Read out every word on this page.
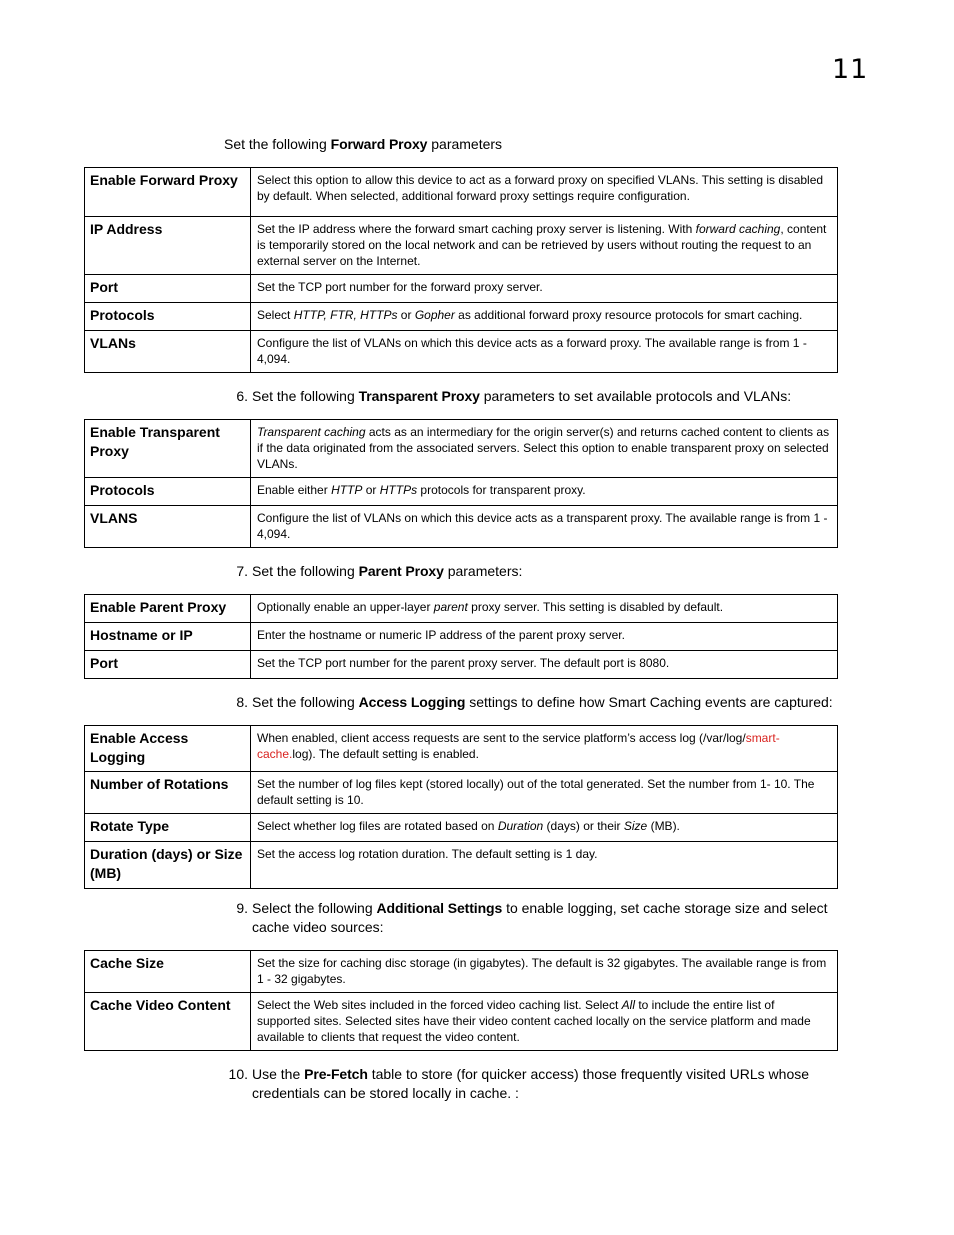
11
Set the following Forward Proxy parameters
Enable Forward Proxy	Select this option to allow this device to act as a forward proxy on specified VLANs. This setting is disabled by default. When selected, additional forward proxy settings require configuration.
IP Address	Set the IP address where the forward smart caching proxy server is listening. With forward caching, content is temporarily stored on the local network and can be retrieved by users without routing the request to an external server on the Internet.
Port	Set the TCP port number for the forward proxy server.
Protocols	Select HTTP, FTR, HTTPs or Gopher as additional forward proxy resource protocols for smart caching.
VLANs	Configure the list of VLANs on which this device acts as a forward proxy. The available range is from 1 - 4,094.
6. Set the following Transparent Proxy parameters to set available protocols and VLANs:
Enable Transparent Proxy	Transparent caching acts as an intermediary for the origin server(s) and returns cached content to clients as if the data originated from the associated servers. Select this option to enable transparent proxy on selected VLANs.
Protocols	Enable either HTTP or HTTPs protocols for transparent proxy.
VLANS	Configure the list of VLANs on which this device acts as a transparent proxy. The available range is from 1 - 4,094.
7. Set the following Parent Proxy parameters:
Enable Parent Proxy	Optionally enable an upper-layer parent proxy server. This setting is disabled by default.
Hostname or IP	Enter the hostname or numeric IP address of the parent proxy server.
Port	Set the TCP port number for the parent proxy server. The default port is 8080.
8. Set the following Access Logging settings to define how Smart Caching events are captured:
Enable Access Logging	When enabled, client access requests are sent to the service platform’s access log (/var/log/smart-cache.log). The default setting is enabled.
Number of Rotations	Set the number of log files kept (stored locally) out of the total generated. Set the number from 1- 10. The default setting is 10.
Rotate Type	Select whether log files are rotated based on Duration (days) or their Size (MB).
Duration (days) or Size (MB)	Set the access log rotation duration. The default setting is 1 day.
9. Select the following Additional Settings to enable logging, set cache storage size and select cache video sources:
Cache Size	Set the size for caching disc storage (in gigabytes). The default is 32 gigabytes. The available range is from 1 - 32 gigabytes.
Cache Video Content	Select the Web sites included in the forced video caching list. Select All to include the entire list of supported sites. Selected sites have their video content cached locally on the service platform and made available to clients that request the video content.
10. Use the Pre-Fetch table to store (for quicker access) those frequently visited URLs whose credentials can be stored locally in cache. :
